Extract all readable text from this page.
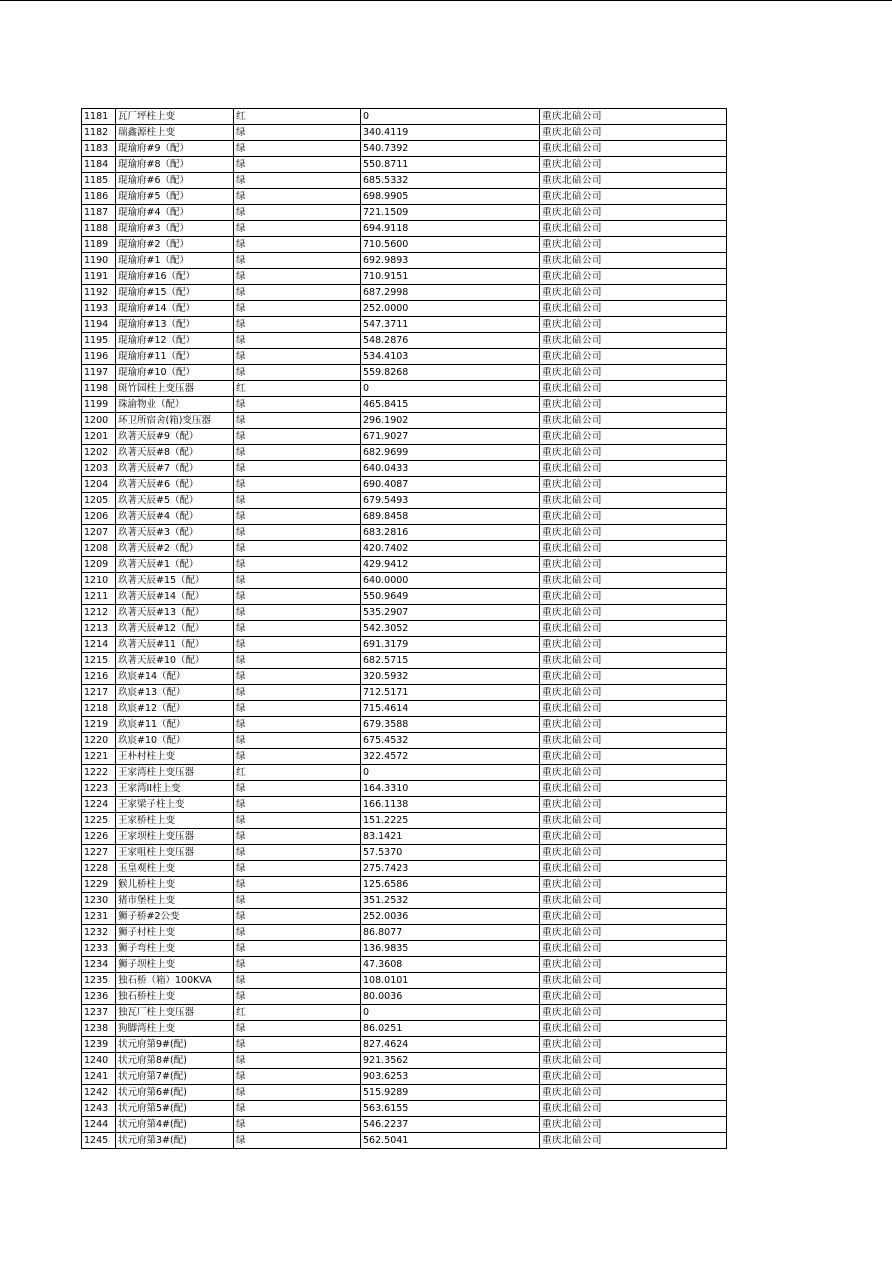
1181	瓦厂坪柱上变	红	0	重庆北碚公司
1182	瑞鑫源柱上变	绿	340.4119	重庆北碚公司
1183	琨瑜府#9（配）	绿	540.7392	重庆北碚公司
1184	琨瑜府#8（配）	绿	550.8711	重庆北碚公司
1185	琨瑜府#6（配）	绿	685.5332	重庆北碚公司
1186	琨瑜府#5（配）	绿	698.9905	重庆北碚公司
1187	琨瑜府#4（配）	绿	721.1509	重庆北碚公司
1188	琨瑜府#3（配）	绿	694.9118	重庆北碚公司
1189	琨瑜府#2（配）	绿	710.5600	重庆北碚公司
1190	琨瑜府#1（配）	绿	692.9893	重庆北碚公司
1191	琨瑜府#16（配）	绿	710.9151	重庆北碚公司
1192	琨瑜府#15（配）	绿	687.2998	重庆北碚公司
1193	琨瑜府#14（配）	绿	252.0000	重庆北碚公司
1194	琨瑜府#13（配）	绿	547.3711	重庆北碚公司
1195	琨瑜府#12（配）	绿	548.2876	重庆北碚公司
1196	琨瑜府#11（配）	绿	534.4103	重庆北碚公司
1197	琨瑜府#10（配）	绿	559.8268	重庆北碚公司
1198	斑竹园柱上变压器	红	0	重庆北碚公司
1199	珠渝物业（配）	绿	465.8415	重庆北碚公司
1200	环卫所宿舍(箱)变压器	绿	296.1902	重庆北碚公司
1201	玖著天辰#9（配）	绿	671.9027	重庆北碚公司
1202	玖著天辰#8（配）	绿	682.9699	重庆北碚公司
1203	玖著天辰#7（配）	绿	640.0433	重庆北碚公司
1204	玖著天辰#6（配）	绿	690.4087	重庆北碚公司
1205	玖著天辰#5（配）	绿	679.5493	重庆北碚公司
1206	玖著天辰#4（配）	绿	689.8458	重庆北碚公司
1207	玖著天辰#3（配）	绿	683.2816	重庆北碚公司
1208	玖著天辰#2（配）	绿	420.7402	重庆北碚公司
1209	玖著天辰#1（配）	绿	429.9412	重庆北碚公司
1210	玖著天辰#15（配）	绿	640.0000	重庆北碚公司
1211	玖著天辰#14（配）	绿	550.9649	重庆北碚公司
1212	玖著天辰#13（配）	绿	535.2907	重庆北碚公司
1213	玖著天辰#12（配）	绿	542.3052	重庆北碚公司
1214	玖著天辰#11（配）	绿	691.3179	重庆北碚公司
1215	玖著天辰#10（配）	绿	682.5715	重庆北碚公司
1216	玖宸#14（配）	绿	320.5932	重庆北碚公司
1217	玖宸#13（配）	绿	712.5171	重庆北碚公司
1218	玖宸#12（配）	绿	715.4614	重庆北碚公司
1219	玖宸#11（配）	绿	679.3588	重庆北碚公司
1220	玖宸#10（配）	绿	675.4532	重庆北碚公司
1221	王朴村柱上变	绿	322.4572	重庆北碚公司
1222	王家湾柱上变压器	红	0	重庆北碚公司
1223	王家湾II柱上变	绿	164.3310	重庆北碚公司
1224	王家梁子柱上变	绿	166.1138	重庆北碚公司
1225	王家桥柱上变	绿	151.2225	重庆北碚公司
1226	王家坝柱上变压器	绿	83.1421	重庆北碚公司
1227	王家咀柱上变压器	绿	57.5370	重庆北碚公司
1228	玉皇观柱上变	绿	275.7423	重庆北碚公司
1229	猴儿桥柱上变	绿	125.6586	重庆北碚公司
1230	猪市堡柱上变	绿	351.2532	重庆北碚公司
1231	狮子桥#2公变	绿	252.0036	重庆北碚公司
1232	狮子村柱上变	绿	86.8077	重庆北碚公司
1233	狮子弯柱上变	绿	136.9835	重庆北碚公司
1234	狮子坝柱上变	绿	47.3608	重庆北碚公司
1235	独石桥（箱）100KVA	绿	108.0101	重庆北碚公司
1236	独石桥柱上变	绿	80.0036	重庆北碚公司
1237	独瓦厂柱上变压器	红	0	重庆北碚公司
1238	狗脚湾柱上变	绿	86.0251	重庆北碚公司
1239	状元府第9#(配)	绿	827.4624	重庆北碚公司
1240	状元府第8#(配)	绿	921.3562	重庆北碚公司
1241	状元府第7#(配)	绿	903.6253	重庆北碚公司
1242	状元府第6#(配)	绿	515.9289	重庆北碚公司
1243	状元府第5#(配)	绿	563.6155	重庆北碚公司
1244	状元府第4#(配)	绿	546.2237	重庆北碚公司
1245	状元府第3#(配)	绿	562.5041	重庆北碚公司
